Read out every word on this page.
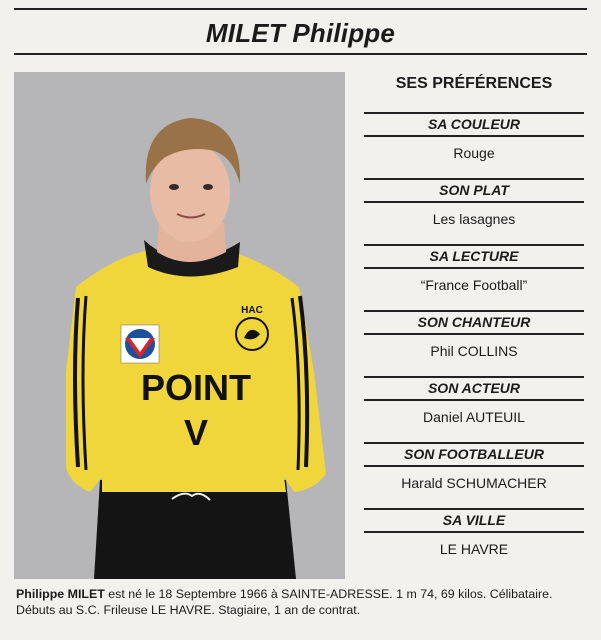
MILET Philippe
HAC
POINT
V
SES PRÉFÉRENCES
SA COULEUR
Rouge
SON PLAT
Les lasagnes
SA LECTURE
“France Football”
SON CHANTEUR
Phil COLLINS
SON ACTEUR
Daniel AUTEUIL
SON FOOTBALLEUR
Harald SCHUMACHER
SA VILLE
LE HAVRE
Philippe MILET est né le 18 Septembre 1966 à SAINTE-ADRESSE. 1 m 74, 69 kilos. Célibataire. Débuts au S.C. Frileuse LE HAVRE. Stagiaire, 1 an de contrat.
